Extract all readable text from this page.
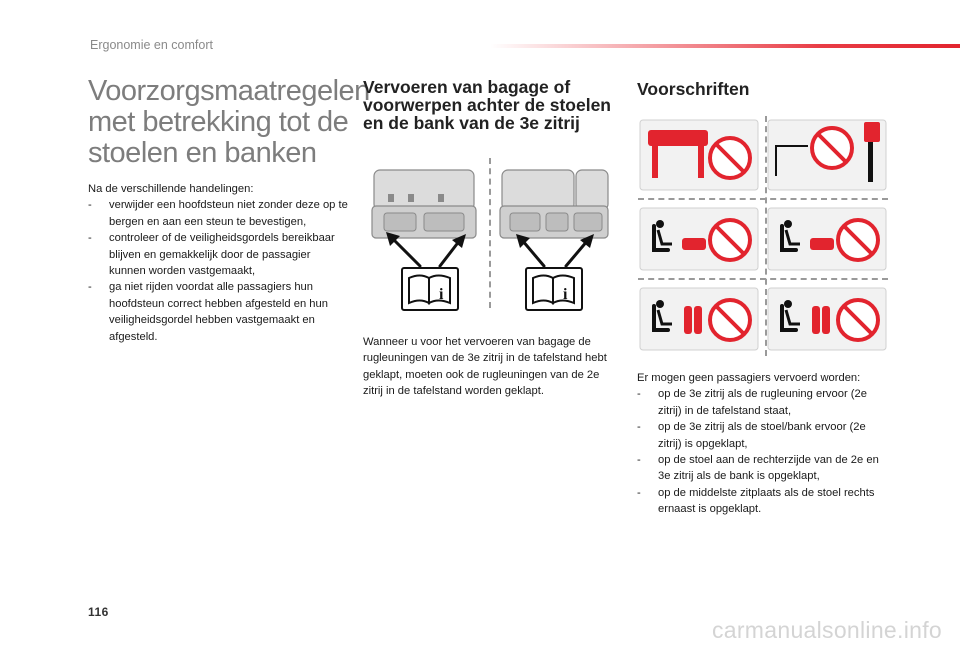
Ergonomie en comfort
Voorzorgsmaatregelen met betrekking tot de stoelen en banken
Na de verschillende handelingen:
- verwijder een hoofdsteun niet zonder deze op te bergen en aan een steun te bevestigen,
- controleer of de veiligheidsgordels bereikbaar blijven en gemakkelijk door de passagier kunnen worden vastgemaakt,
- ga niet rijden voordat alle passagiers hun hoofdsteun correct hebben afgesteld en hun veiligheidsgordel hebben vastgemaakt en afgesteld.
Vervoeren van bagage of voorwerpen achter de stoelen en de bank van de 3e zitrij
i	i
Wanneer u voor het vervoeren van bagage de rugleuningen van de 3e zitrij in de tafelstand hebt geklapt, moeten ook de rugleuningen van de 2e zitrij in de tafelstand worden geklapt.
Voorschriften
Er mogen geen passagiers vervoerd worden:
- op de 3e zitrij als de rugleuning ervoor (2e zitrij) in de tafelstand staat,
- op de 3e zitrij als de stoel/bank ervoor (2e zitrij) is opgeklapt,
- op de stoel aan de rechterzijde van de 2e en 3e zitrij als de bank is opgeklapt,
- op de middelste zitplaats als de stoel rechts ernaast is opgeklapt.
116
carmanualsonline.info
